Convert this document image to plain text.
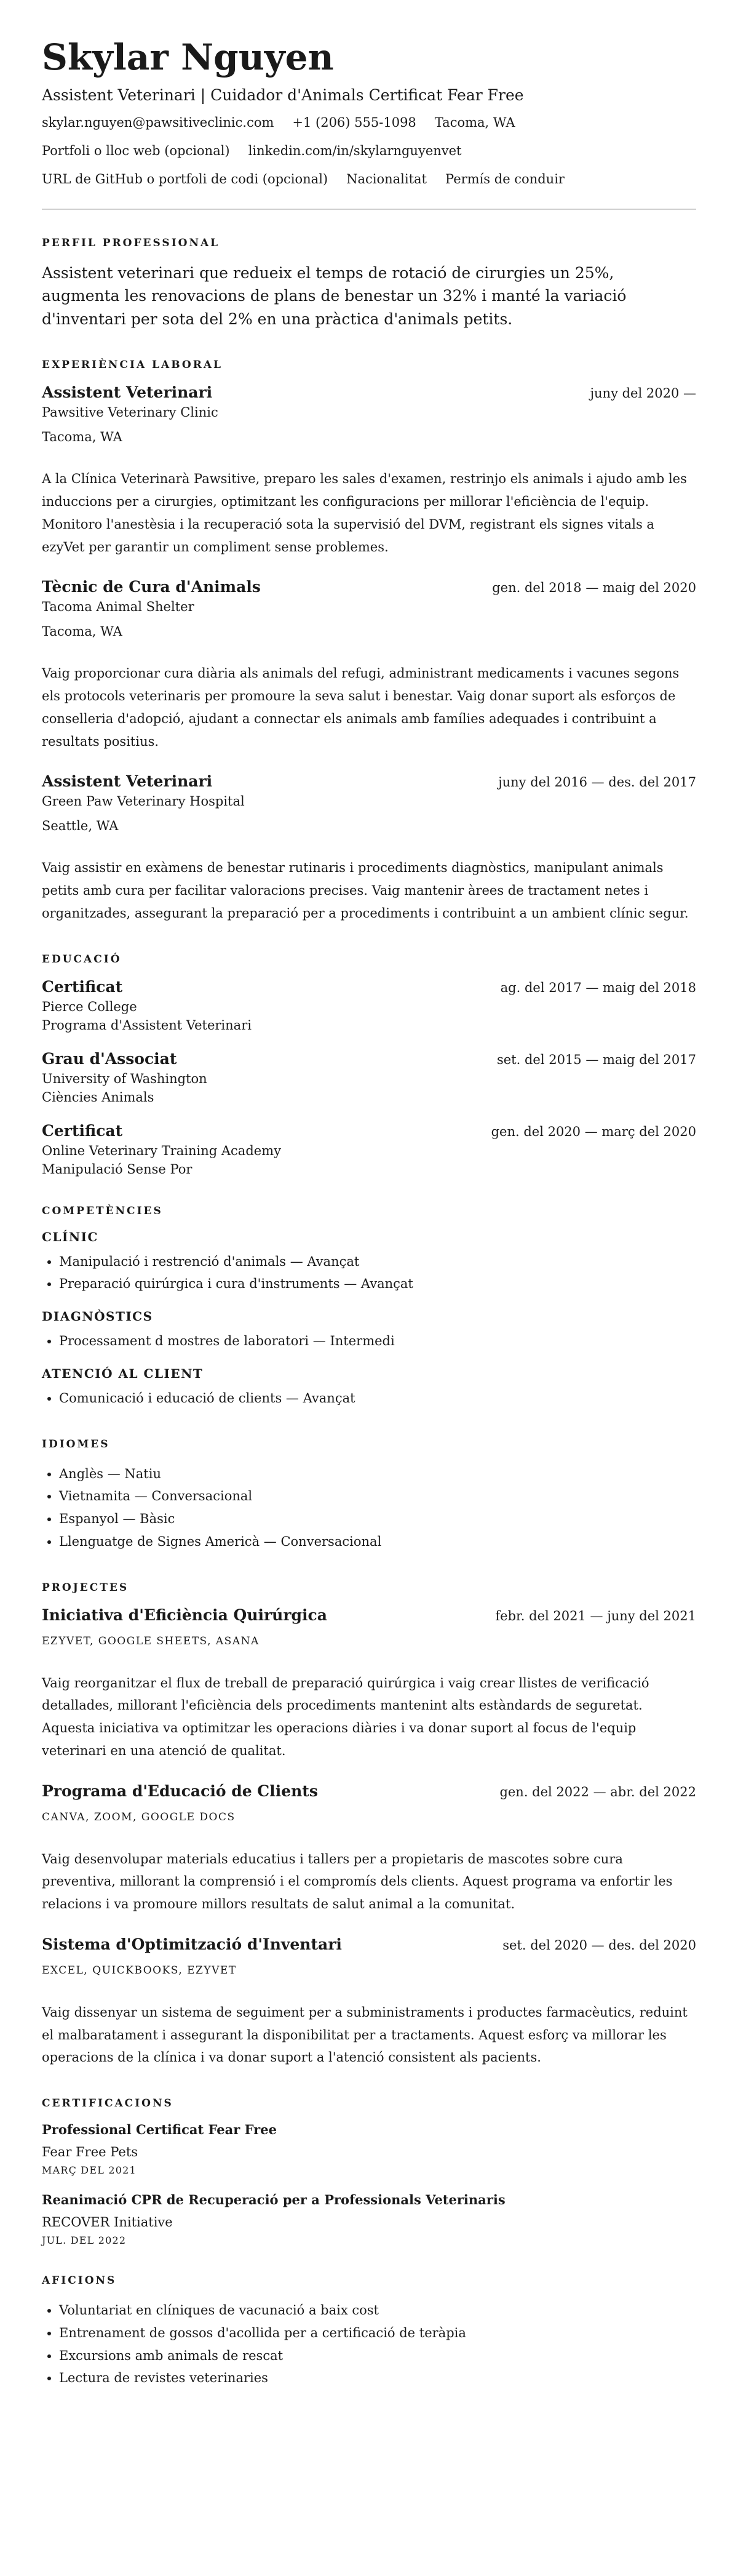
Skylar Nguyen
Assistent Veterinari | Cuidador d'Animals Certificat Fear Free
skylar.nguyen@pawsitiveclinic.com +1 (206) 555-1098 Tacoma, WA
Portfoli o lloc web (opcional) linkedin.com/in/skylarnguyenvet
URL de GitHub o portfoli de codi (opcional) Nacionalitat Permís de conduir
PERFIL PROFESSIONAL
Assistent veterinari que redueix el temps de rotació de cirurgies un 25%, augmenta les renovacions de plans de benestar un 32% i manté la variació d'inventari per sota del 2% en una pràctica d'animals petits.
EXPERIÈNCIA LABORAL
Assistent Veterinari	juny del 2020 —
Pawsitive Veterinary Clinic
Tacoma, WA
A la Clínica Veterinarà Pawsitive, preparo les sales d'examen, restrinjo els animals i ajudo amb les induccions per a cirurgies, optimitzant les configuracions per millorar l'eficiència de l'equip. Monitoro l'anestèsia i la recuperació sota la supervisió del DVM, registrant els signes vitals a ezyVet per garantir un compliment sense problemes.
Tècnic de Cura d'Animals	gen. del 2018 — maig del 2020
Tacoma Animal Shelter
Tacoma, WA
Vaig proporcionar cura diària als animals del refugi, administrant medicaments i vacunes segons els protocols veterinaris per promoure la seva salut i benestar. Vaig donar suport als esforços de conselleria d'adopció, ajudant a connectar els animals amb famílies adequades i contribuint a resultats positius.
Assistent Veterinari	juny del 2016 — des. del 2017
Green Paw Veterinary Hospital
Seattle, WA
Vaig assistir en exàmens de benestar rutinaris i procediments diagnòstics, manipulant animals petits amb cura per facilitar valoracions precises. Vaig mantenir àrees de tractament netes i organitzades, assegurant la preparació per a procediments i contribuint a un ambient clínic segur.
EDUCACIÓ
Certificat	ag. del 2017 — maig del 2018
Pierce College
Programa d'Assistent Veterinari
Grau d'Associat	set. del 2015 — maig del 2017
University of Washington
Ciències Animals
Certificat	gen. del 2020 — març del 2020
Online Veterinary Training Academy
Manipulació Sense Por
COMPETÈNCIES
CLÍNIC
• Manipulació i restrenció d'animals — Avançat
• Preparació quirúrgica i cura d'instruments — Avançat
DIAGNÒSTICS
• Processament d mostres de laboratori — Intermedi
ATENCIÓ AL CLIENT
• Comunicació i educació de clients — Avançat
IDIOMES
• Anglès — Natiu
• Vietnamita — Conversacional
• Espanyol — Bàsic
• Llenguatge de Signes Americà — Conversacional
PROJECTES
Iniciativa d'Eficiència Quirúrgica	febr. del 2021 — juny del 2021
EZYVET, GOOGLE SHEETS, ASANA
Vaig reorganitzar el flux de treball de preparació quirúrgica i vaig crear llistes de verificació detallades, millorant l'eficiència dels procediments mantenint alts estàndards de seguretat. Aquesta iniciativa va optimitzar les operacions diàries i va donar suport al focus de l'equip veterinari en una atenció de qualitat.
Programa d'Educació de Clients	gen. del 2022 — abr. del 2022
CANVA, ZOOM, GOOGLE DOCS
Vaig desenvolupar materials educatius i tallers per a propietaris de mascotes sobre cura preventiva, millorant la comprensió i el compromís dels clients. Aquest programa va enfortir les relacions i va promoure millors resultats de salut animal a la comunitat.
Sistema d'Optimització d'Inventari	set. del 2020 — des. del 2020
EXCEL, QUICKBOOKS, EZYVET
Vaig dissenyar un sistema de seguiment per a subministraments i productes farmacèutics, reduint el malbaratament i assegurant la disponibilitat per a tractaments. Aquest esforç va millorar les operacions de la clínica i va donar suport a l'atenció consistent als pacients.
CERTIFICACIONS
Professional Certificat Fear Free
Fear Free Pets
MARÇ DEL 2021
Reanimació CPR de Recuperació per a Professionals Veterinaris
RECOVER Initiative
JUL. DEL 2022
AFICIONS
• Voluntariat en clíniques de vacunació a baix cost
• Entrenament de gossos d'acollida per a certificació de teràpia
• Excursions amb animals de rescat
• Lectura de revistes veterinaries
